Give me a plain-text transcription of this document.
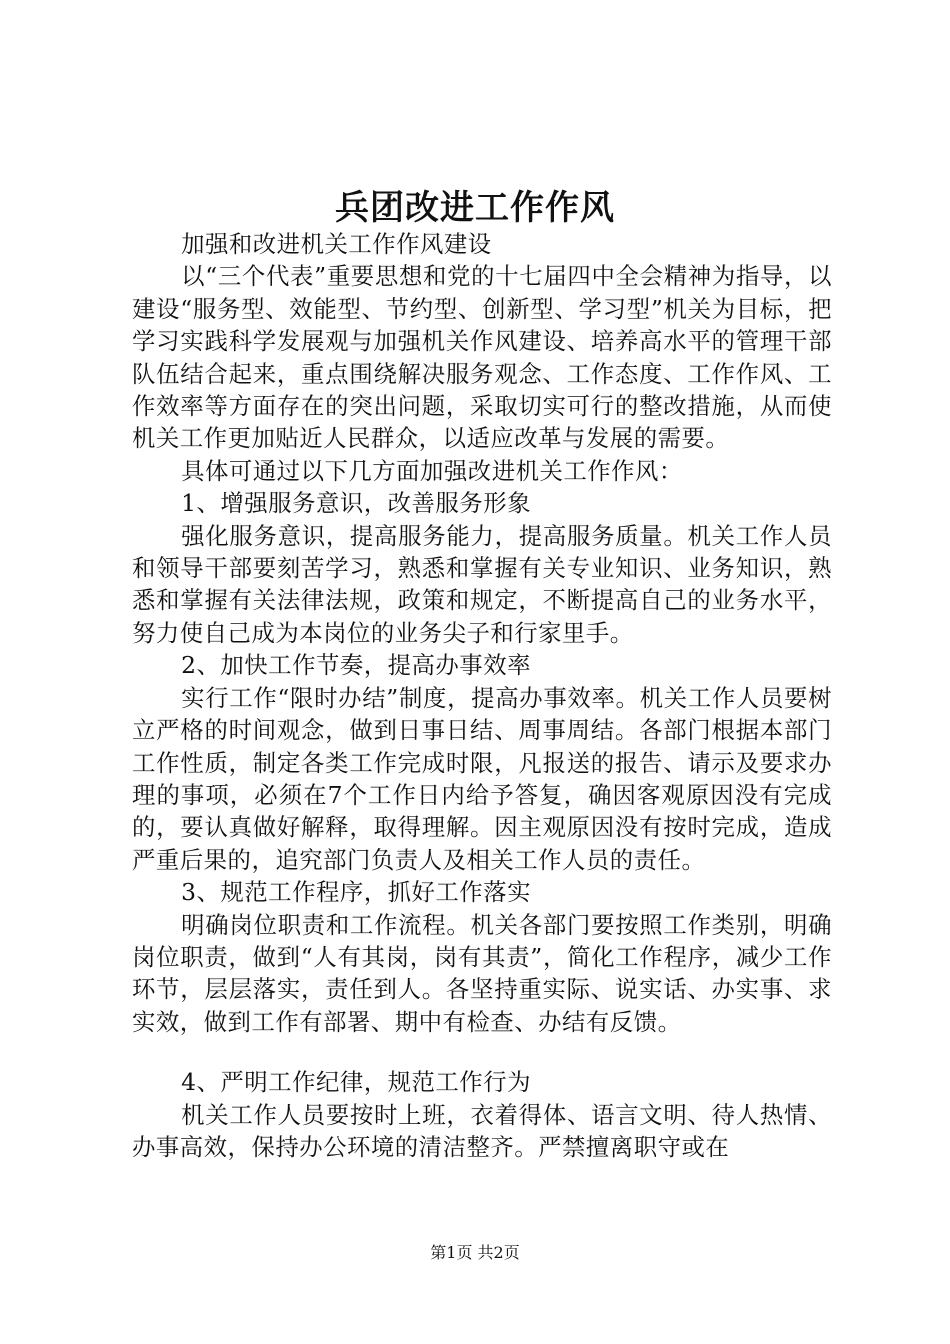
兵团改进工作作风

加强和改进机关工作作风建设

以“三个代表”重要思想和党的十七届四中全会精神为指导，以建设“服务型、效能型、节约型、创新型、学习型”机关为目标，把学习实践科学发展观与加强机关作风建设、培养高水平的管理干部队伍结合起来，重点围绕解决服务观念、工作态度、工作作风、工作效率等方面存在的突出问题，采取切实可行的整改措施，从而使机关工作更加贴近人民群众，以适应改革与发展的需要。

具体可通过以下几方面加强改进机关工作作风：

1、增强服务意识，改善服务形象

强化服务意识，提高服务能力，提高服务质量。机关工作人员和领导干部要刻苦学习，熟悉和掌握有关专业知识、业务知识，熟悉和掌握有关法律法规，政策和规定，不断提高自己的业务水平，努力使自己成为本岗位的业务尖子和行家里手。

2、加快工作节奏，提高办事效率

实行工作“限时办结”制度，提高办事效率。机关工作人员要树立严格的时间观念，做到日事日结、周事周结。各部门根据本部门工作性质，制定各类工作完成时限，凡报送的报告、请示及要求办理的事项，必须在7个工作日内给予答复，确因客观原因没有完成的，要认真做好解释，取得理解。因主观原因没有按时完成，造成严重后果的，追究部门负责人及相关工作人员的责任。

3、规范工作程序，抓好工作落实

明确岗位职责和工作流程。机关各部门要按照工作类别，明确岗位职责，做到“人有其岗，岗有其责”，简化工作程序，减少工作环节，层层落实，责任到人。各坚持重实际、说实话、办实事、求实效，做到工作有部署、期中有检查、办结有反馈。

4、严明工作纪律，规范工作行为

机关工作人员要按时上班，衣着得体、语言文明、待人热情、办事高效，保持办公环境的清洁整齐。严禁擅离职守或在

第1页 共2页
